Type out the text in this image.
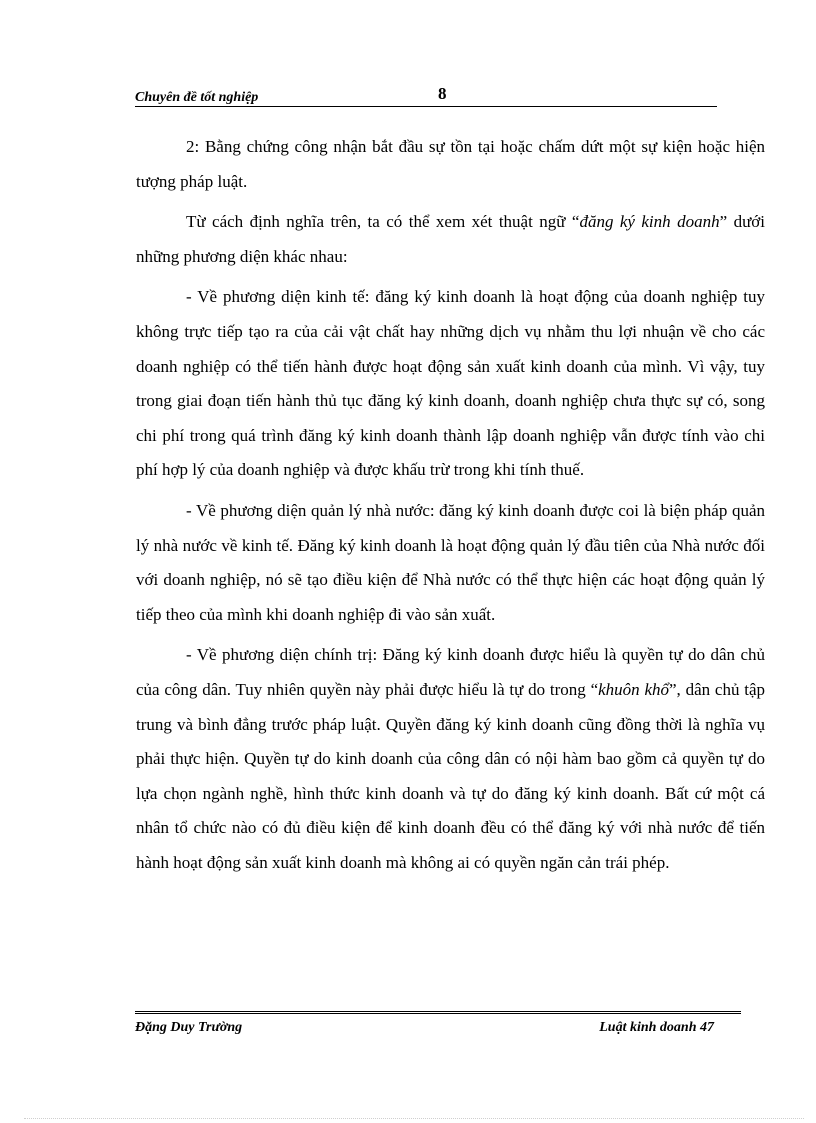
Chuyên đề tốt nghiệp	8

2: Bằng chứng công nhận bắt đầu sự tồn tại hoặc chấm dứt một sự kiện hoặc hiện tượng pháp luật.

Từ cách định nghĩa trên, ta có thể xem xét thuật ngữ “đăng ký kinh doanh” dưới những phương diện khác nhau:

- Về phương diện kinh tế: đăng ký kinh doanh là hoạt động của doanh nghiệp tuy không trực tiếp tạo ra của cải vật chất hay những dịch vụ nhằm thu lợi nhuận về cho các doanh nghiệp có thể tiến hành được hoạt động sản xuất kinh doanh của mình. Vì vậy, tuy trong giai đoạn tiến hành thủ tục đăng ký kinh doanh, doanh nghiệp chưa thực sự có, song chi phí trong quá trình đăng ký kinh doanh thành lập doanh nghiệp vẫn được tính vào chi phí hợp lý của doanh nghiệp và được khấu trừ trong khi tính thuế.

- Về phương diện quản lý nhà nước: đăng ký kinh doanh được coi là biện pháp quản lý nhà nước về kinh tế. Đăng ký kinh doanh là hoạt động quản lý đầu tiên của Nhà nước đối với doanh nghiệp, nó sẽ tạo điều kiện để Nhà nước có thể thực hiện các hoạt động quản lý tiếp theo của mình khi doanh nghiệp đi vào sản xuất.

- Về phương diện chính trị: Đăng ký kinh doanh được hiểu là quyền tự do dân chủ của công dân. Tuy nhiên quyền này phải được hiểu là tự do trong “khuôn khổ”, dân chủ tập trung và bình đẳng trước pháp luật. Quyền đăng ký kinh doanh cũng đồng thời là nghĩa vụ phải thực hiện. Quyền tự do kinh doanh của công dân có nội hàm bao gồm cả quyền tự do lựa chọn ngành nghề, hình thức kinh doanh và tự do đăng ký kinh doanh. Bất cứ một cá nhân tổ chức nào có đủ điều kiện để kinh doanh đều có thể đăng ký với nhà nước để tiến hành hoạt động sản xuất kinh doanh mà không ai có quyền ngăn cản trái phép.

Đặng Duy Trường	Luật kinh doanh 47
